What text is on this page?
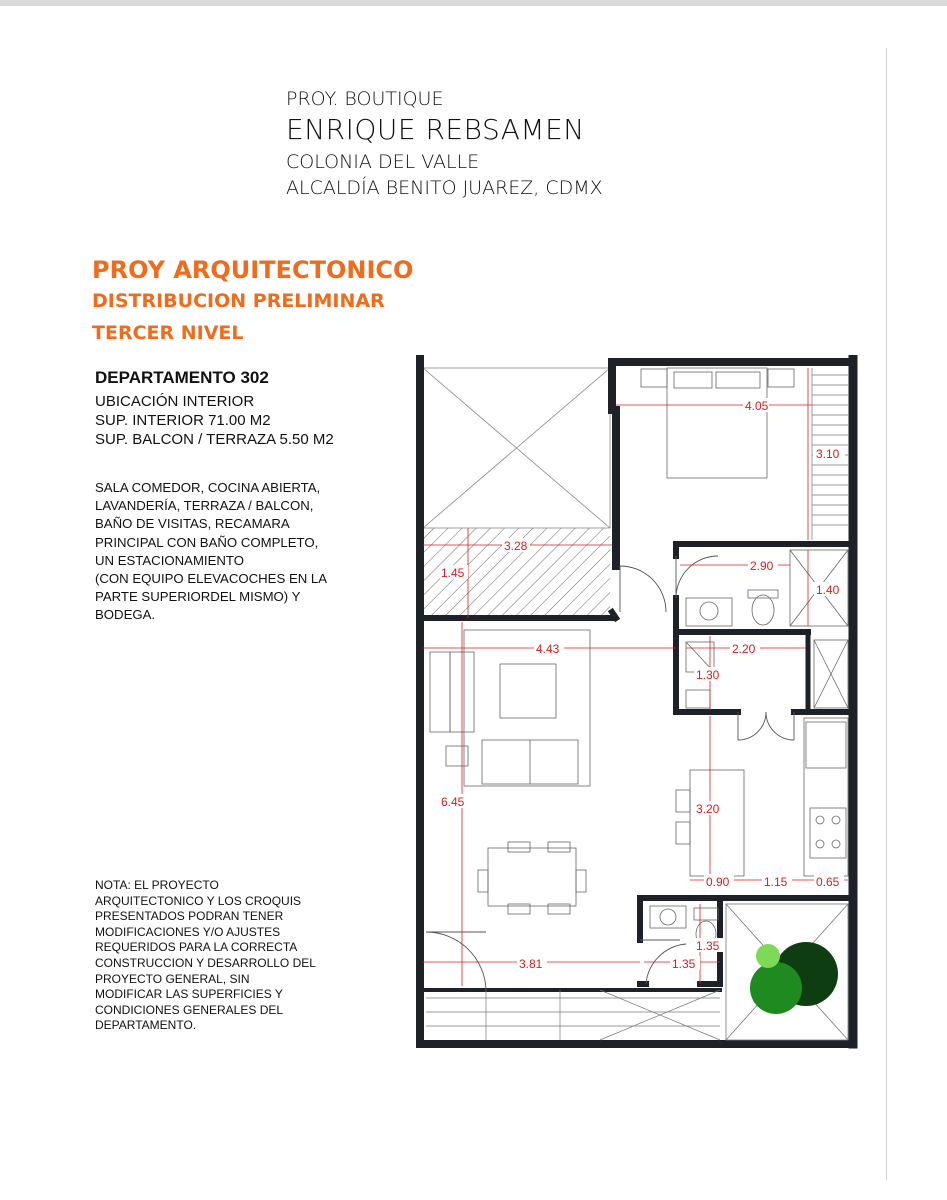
PROY. BOUTIQUE
ENRIQUE REBSAMEN
COLONIA DEL VALLE
ALCALDÍA BENITO JUAREZ, CDMX
PROY ARQUITECTONICO
DISTRIBUCION PRELIMINAR
TERCER NIVEL
DEPARTAMENTO 302
UBICACIÓN INTERIOR
SUP. INTERIOR 71.00 M2
SUP. BALCON / TERRAZA 5.50 M2
SALA COMEDOR, COCINA ABIERTA,
LAVANDERÍA, TERRAZA / BALCON,
BAÑO DE VISITAS, RECAMARA
PRINCIPAL CON BAÑO COMPLETO,
UN ESTACIONAMIENTO
(CON EQUIPO ELEVACOCHES EN LA
PARTE SUPERIORDEL MISMO) Y
BODEGA.
NOTA: EL PROYECTO
ARQUITECTONICO Y LOS CROQUIS
PRESENTADOS PODRAN TENER
MODIFICACIONES Y/O AJUSTES
REQUERIDOS PARA LA CORRECTA
CONSTRUCCION Y DESARROLLO DEL
PROYECTO GENERAL, SIN
MODIFICAR LAS SUPERFICIES Y
CONDICIONES GENERALES DEL
DEPARTAMENTO.
4.05
3.10
3.28
1.45	2.90
1.40
2.20
1.30
4.43
6.45	3.20
0.90	1.15 0.65
3.81	1.35
1.35
